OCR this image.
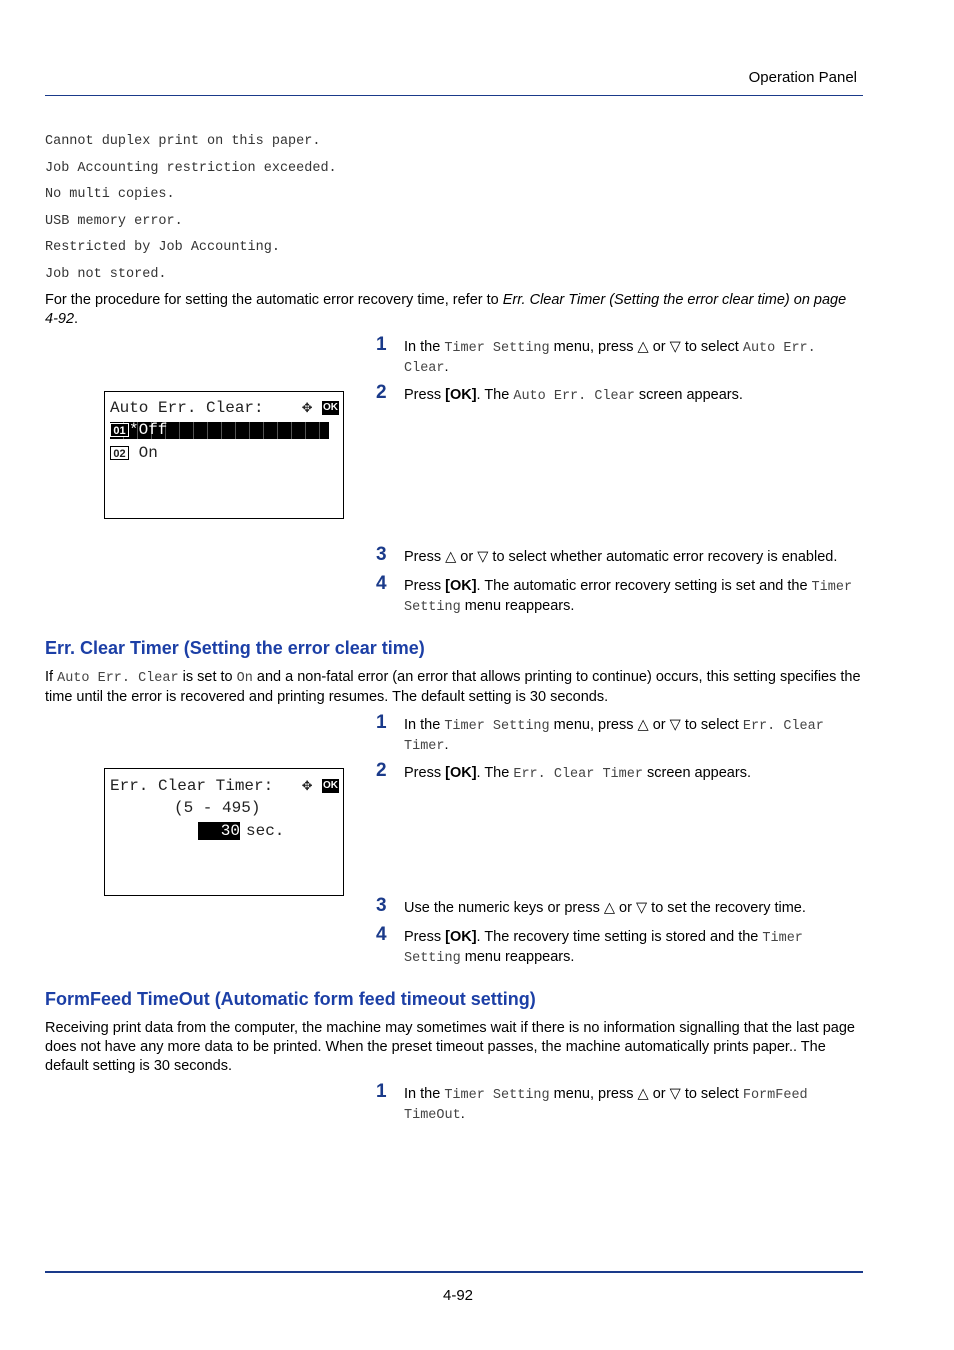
Operation Panel
Cannot duplex print on this paper.
Job Accounting restriction exceeded.
No multi copies.
USB memory error.
Restricted by Job Accounting.
Job not stored.
For the procedure for setting the automatic error recovery time, refer to Err. Clear Timer (Setting the error clear time) on page 4-92.
1 In the Timer Setting menu, press △ or ▽ to select Auto Err. Clear.
2 Press [OK]. The Auto Err. Clear screen appears.
3 Press △ or ▽ to select whether automatic error recovery is enabled.
4 Press [OK]. The automatic error recovery setting is set and the Timer Setting menu reappears.
Auto Err. Clear: ✥ OK
01 *Off
02 On
Err. Clear Timer (Setting the error clear time)
If Auto Err. Clear is set to On and a non-fatal error (an error that allows printing to continue) occurs, this setting specifies the time until the error is recovered and printing resumes. The default setting is 30 seconds.
1 In the Timer Setting menu, press △ or ▽ to select Err. Clear Timer.
2 Press [OK]. The Err. Clear Timer screen appears.
3 Use the numeric keys or press △ or ▽ to set the recovery time.
4 Press [OK]. The recovery time setting is stored and the Timer Setting menu reappears.
Err. Clear Timer: ✥ OK
(5 - 495)
30 sec.
FormFeed TimeOut (Automatic form feed timeout setting)
Receiving print data from the computer, the machine may sometimes wait if there is no information signalling that the last page does not have any more data to be printed. When the preset timeout passes, the machine automatically prints paper.. The default setting is 30 seconds.
1 In the Timer Setting menu, press △ or ▽ to select FormFeed TimeOut.
4-92
